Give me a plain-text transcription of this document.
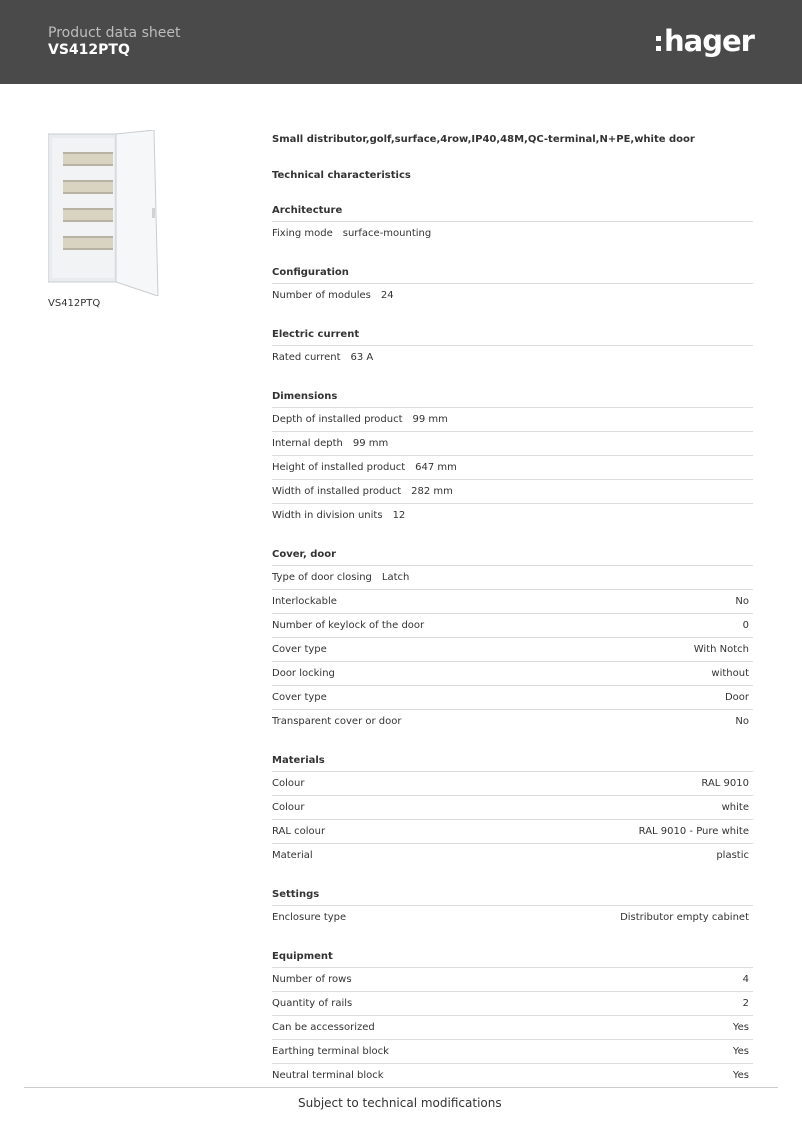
Product data sheet
VS412PTQ	hager
VS412PTQ
Small distributor,golf,surface,4row,IP40,48M,QC-terminal,N+PE,white door
Technical characteristics
Architecture
Fixing mode surface-mounting
Configuration
Number of modules 24
Electric current
Rated current 63 A
Dimensions
Depth of installed product 99 mm
Internal depth 99 mm
Height of installed product 647 mm
Width of installed product 282 mm
Width in division units 12
Cover, door
Type of door closing Latch
Interlockable	No
Number of keylock of the door	0
Cover type	With Notch
Door locking	without
Cover type	Door
Transparent cover or door	No
Materials
Colour	RAL 9010
Colour	white
RAL colour	RAL 9010 - Pure white
Material	plastic
Settings
Enclosure type	Distributor empty cabinet
Equipment
Number of rows	4
Quantity of rails	2
Can be accessorized	Yes
Earthing terminal block	Yes
Neutral terminal block	Yes
Subject to technical modifications
